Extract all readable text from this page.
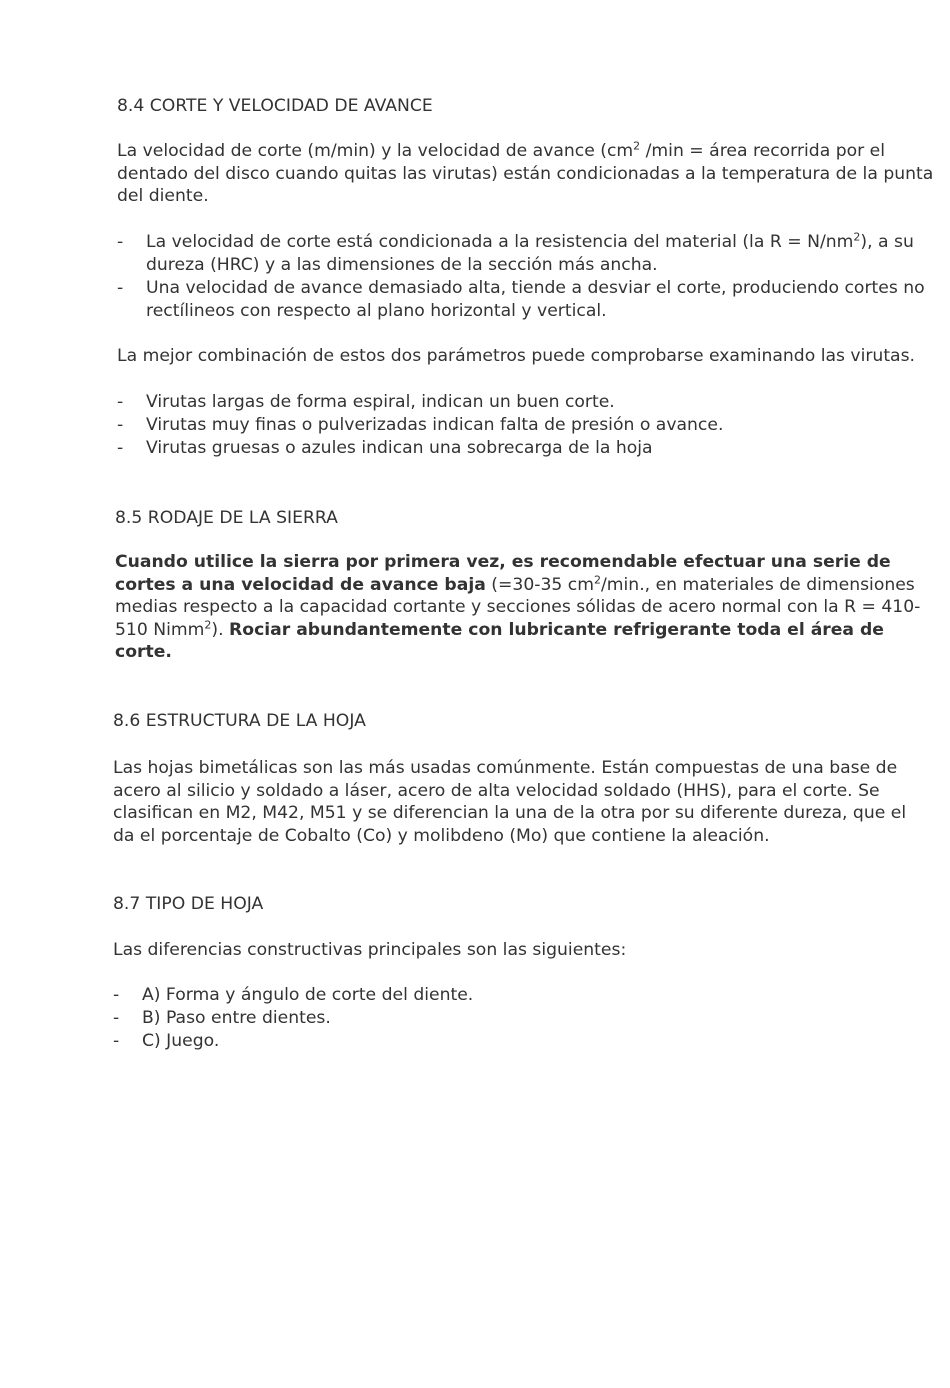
8.4 CORTE Y VELOCIDAD DE AVANCE
La velocidad de corte (m/min) y la velocidad de avance ($cm^2$ /min = área recorrida por el dentado del disco cuando quitas las virutas) están condicionadas a la temperatura de la punta del diente.
- La velocidad de corte está condicionada a la resistencia del material (la $R = N/nm^2$), a su dureza (HRC) y a las dimensiones de la sección más ancha.
- Una velocidad de avance demasiado alta, tiende a desviar el corte, produciendo cortes no rectílineos con respecto al plano horizontal y vertical.
La mejor combinación de estos dos parámetros puede comprobarse examinando las virutas.
- Virutas largas de forma espiral, indican un buen corte.
- Virutas muy finas o pulverizadas indican falta de presión o avance.
- Virutas gruesas o azules indican una sobrecarga de la hoja
8.5 RODAJE DE LA SIERRA
Cuando utilice la sierra por primera vez, es recomendable efectuar una serie de cortes a una velocidad de avance baja (=30-35 $cm^2/\min$., en materiales de dimensiones medias respecto a la capacidad cortante y secciones sólidas de acero normal con la R = 410-510 Nimm$^2$). Rociar abundantemente con lubricante refrigerante toda el área de corte.
8.6 ESTRUCTURA DE LA HOJA
Las hojas bimetálicas son las más usadas comúnmente. Están compuestas de una base de acero al silicio y soldado a láser, acero de alta velocidad soldado (HHS), para el corte. Se clasifican en M2, M42, M51 y se diferencian la una de la otra por su diferente dureza, que el da el porcentaje de Cobalto (Co) y molibdeno (Mo) que contiene la aleación.
8.7 TIPO DE HOJA
Las diferencias constructivas principales son las siguientes:
- A) Forma y ángulo de corte del diente.
- B) Paso entre dientes.
- C) Juego.
